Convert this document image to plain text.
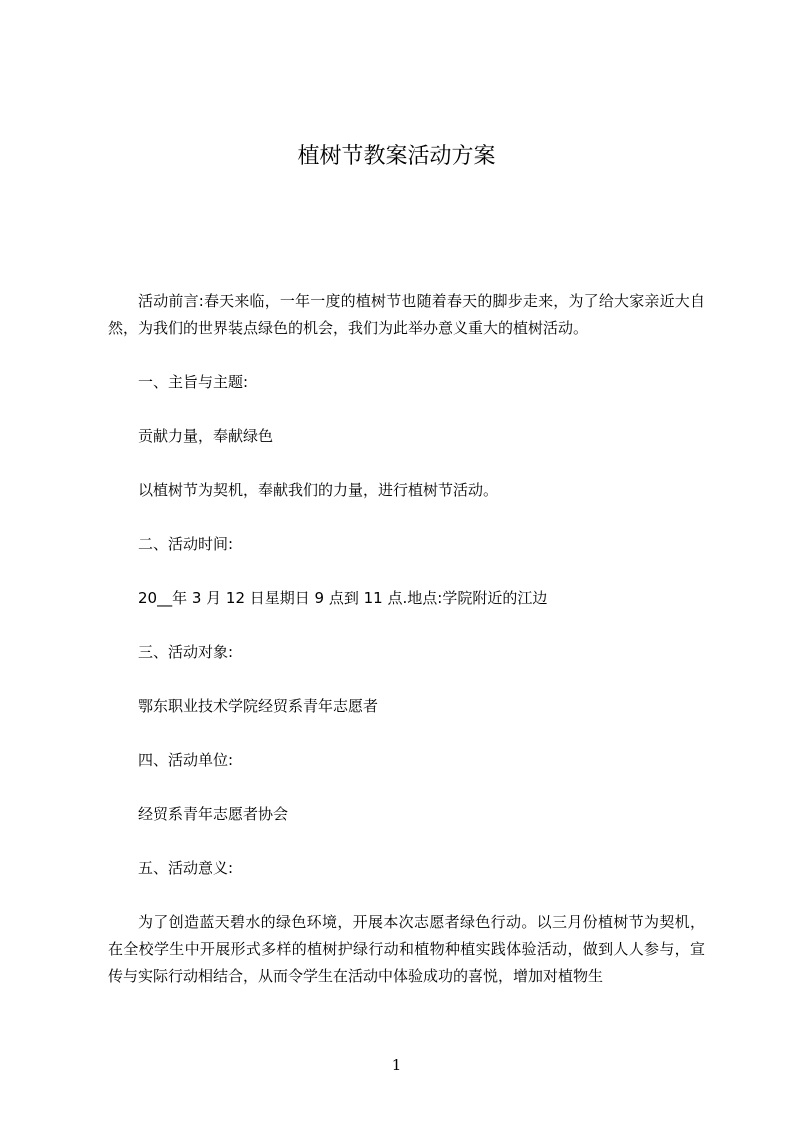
植树节教案活动方案

活动前言:春天来临，一年一度的植树节也随着春天的脚步走来，为了给大家亲近大自然，为我们的世界装点绿色的机会，我们为此举办意义重大的植树活动。

一、主旨与主题:

贡献力量，奉献绿色

以植树节为契机，奉献我们的力量，进行植树节活动。

二、活动时间:

20__年 3 月 12 日星期日 9 点到 11 点.地点:学院附近的江边

三、活动对象:

鄂东职业技术学院经贸系青年志愿者

四、活动单位:

经贸系青年志愿者协会

五、活动意义:

为了创造蓝天碧水的绿色环境，开展本次志愿者绿色行动。以三月份植树节为契机，在全校学生中开展形式多样的植树护绿行动和植物种植实践体验活动，做到人人参与，宣传与实际行动相结合，从而令学生在活动中体验成功的喜悦，增加对植物生

1
